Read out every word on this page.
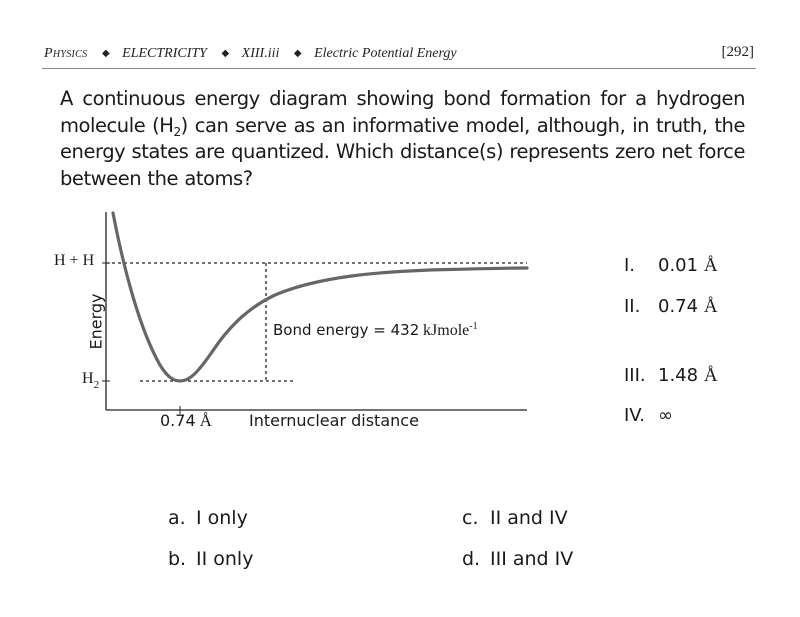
Physics ◆ ELECTRICITY ◆ XIII.iii ◆ Electric Potential Energy	[292]
A continuous energy diagram showing bond formation for a hydrogen molecule $(H_2)$ can serve as an informative model, although, in truth, the energy states are quantized. Which distance(s) represents zero net force between the atoms?
H + H
$H_2$
Energy
0.74 Å Internuclear distance
Bond energy = 432 kJmole$^{-1}$
I. 0.01 Å
II. 0.74 Å
III. 1.48 Å
IV. ∞
a. I only
b. II only
c. II and IV
d. III and IV
